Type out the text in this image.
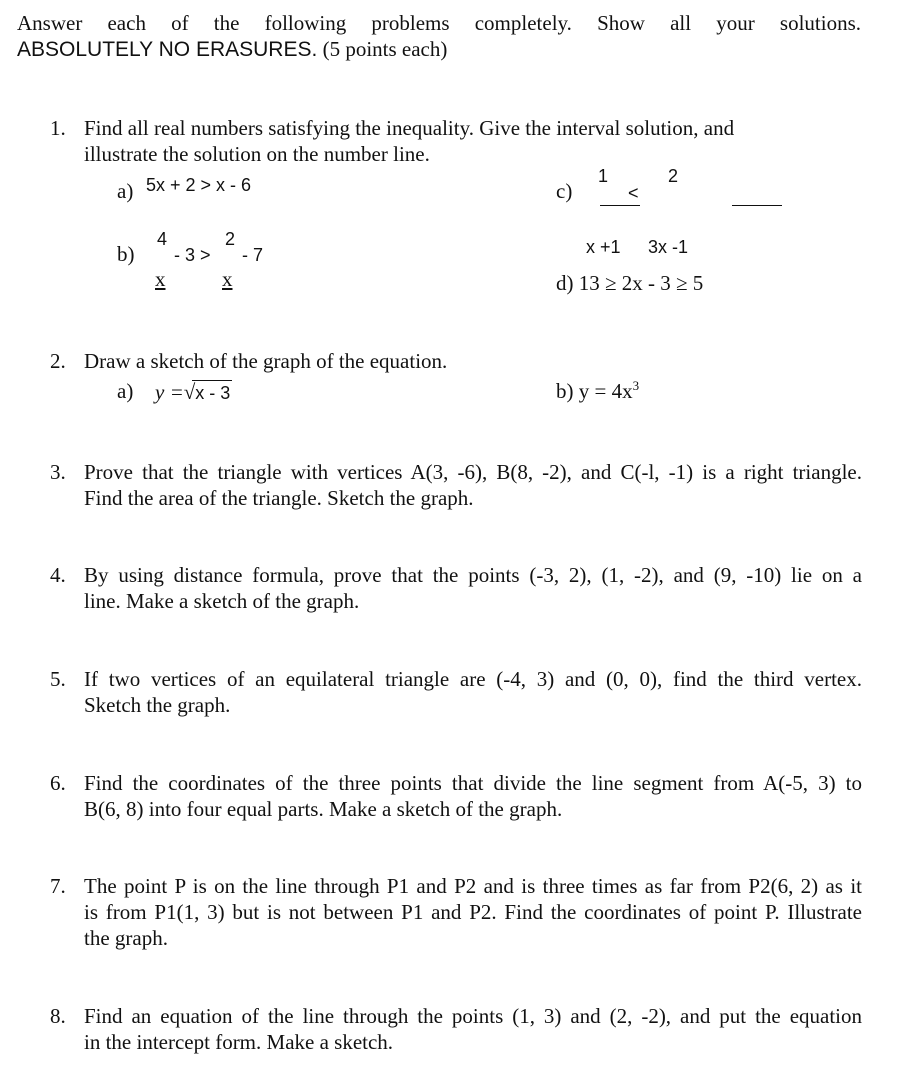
Answer each of the following problems completely. Show all your solutions.
ABSOLUTELY NO ERASURES. (5 points each)
1. Find all real numbers satisfying the inequality. Give the interval solution, and
illustrate the solution on the number line.
a) 5x + 2 > x - 6
b)
4
- 3 >
2
- 7
x	x
c)
1
<
2
x +1 3x -1
d) 13 ≥ 2x - 3 ≥ 5
2. Draw a sketch of the graph of the equation.
a) y =√
x - 3	b) $y = 4x^3$
3. Prove that the triangle with vertices A(3, -6), B(8, -2), and C(-l, -1) is a right triangle.
Find the area of the triangle. Sketch the graph.
4. By using distance formula, prove that the points (-3, 2), (1, -2), and (9, -10) lie on a
line. Make a sketch of the graph.
5. If two vertices of an equilateral triangle are (-4, 3) and (0, 0), find the third vertex.
Sketch the graph.
6. Find the coordinates of the three points that divide the line segment from A(-5, 3) to
B(6, 8) into four equal parts. Make a sketch of the graph.
7. The point P is on the line through P1 and P2 and is three times as far from P2(6, 2) as it
is from P1(1, 3) but is not between P1 and P2. Find the coordinates of point P. Illustrate
the graph.
8. Find an equation of the line through the points (1, 3) and (2, -2), and put the equation
in the intercept form. Make a sketch.
